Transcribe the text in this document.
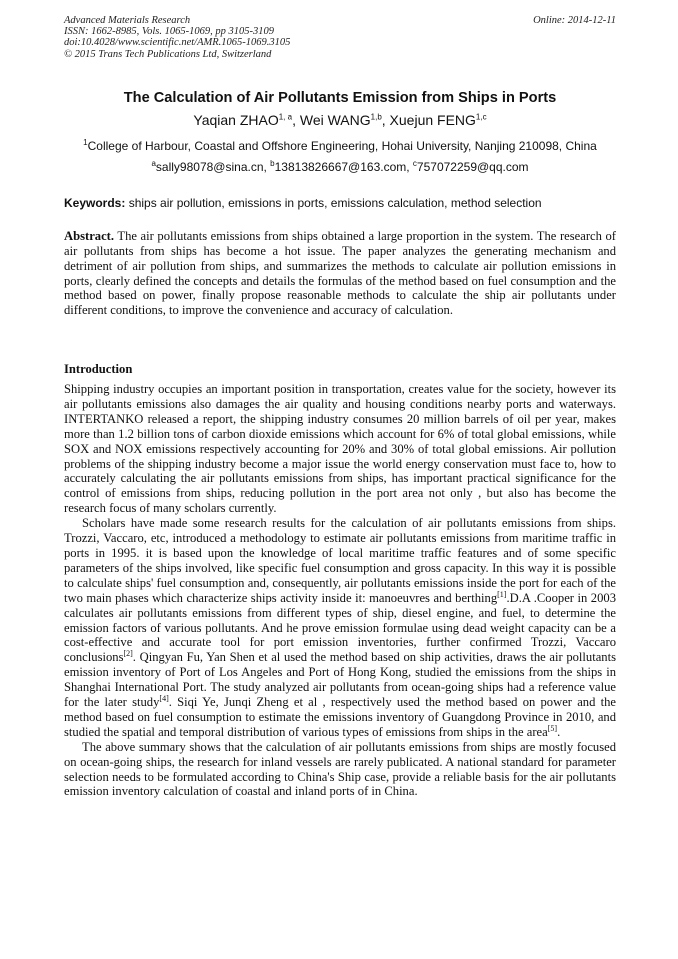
Advanced Materials Research
ISSN: 1662-8985, Vols. 1065-1069, pp 3105-3109
doi:10.4028/www.scientific.net/AMR.1065-1069.3105
© 2015 Trans Tech Publications Ltd, Switzerland
Online: 2014-12-11
The Calculation of Air Pollutants Emission from Ships in Ports
Yaqian ZHAO$^{1, a}$, Wei WANG$^{1,b}$, Xuejun FENG$^{1,c}$
$^1$College of Harbour, Coastal and Offshore Engineering, Hohai University, Nanjing 210098, China
$^a$sally98078@sina.cn, $^b$13813826667@163.com, $^c$757072259@qq.com
Keywords: ships air pollution, emissions in ports, emissions calculation, method selection
Abstract. The air pollutants emissions from ships obtained a large proportion in the system. The research of air pollutants from ships has become a hot issue. The paper analyzes the generating mechanism and detriment of air pollution from ships, and summarizes the methods to calculate air pollution emissions in ports, clearly defined the concepts and details the formulas of the method based on fuel consumption and the method based on power, finally propose reasonable methods to calculate the ship air pollutants under different conditions, to improve the convenience and accuracy of calculation.
Introduction

Shipping industry occupies an important position in transportation, creates value for the society, however its air pollutants emissions also damages the air quality and housing conditions nearby ports and waterways. INTERTANKO released a report, the shipping industry consumes 20 million barrels of oil per year, makes more than 1.2 billion tons of carbon dioxide emissions which account for 6% of total global emissions, while SOX and NOX emissions respectively accounting for 20% and 30% of total global emissions. Air pollution problems of the shipping industry become a major issue the world energy conservation must face to, how to accurately calculating the air pollutants emissions from ships, has important practical significance for the control of emissions from ships, reducing pollution in the port area not only , but also has become the research focus of many scholars currently.

Scholars have made some research results for the calculation of air pollutants emissions from ships. Trozzi, Vaccaro, etc, introduced a methodology to estimate air pollutants emissions from maritime traffic in ports in 1995. it is based upon the knowledge of local maritime traffic features and of some specific parameters of the ships involved, like specific fuel consumption and gross capacity. In this way it is possible to calculate ships' fuel consumption and, consequently, air pollutants emissions inside the port for each of the two main phases which characterize ships activity inside it: manoeuvres and berthing[1].D.A .Cooper in 2003 calculates air pollutants emissions from different types of ship, diesel engine, and fuel, to determine the emission factors of various pollutants. And he prove emission formulae using dead weight capacity can be a cost-effective and accurate tool for port emission inventories, further confirmed Trozzi, Vaccaro conclusions[2]. Qingyan Fu, Yan Shen et al used the method based on ship activities, draws the air pollutants emission inventory of Port of Los Angeles and Port of Hong Kong, studied the emissions from the ships in Shanghai International Port. The study analyzed air pollutants from ocean-going ships had a reference value for the later study[4]. Siqi Ye, Junqi Zheng et al , respectively used the method based on power and the method based on fuel consumption to estimate the emissions inventory of Guangdong Province in 2010, and studied the spatial and temporal distribution of various types of emissions from ships in the area[5].

The above summary shows that the calculation of air pollutants emissions from ships are mostly focused on ocean-going ships, the research for inland vessels are rarely publicated. A national standard for parameter selection needs to be formulated according to China's Ship case, provide a reliable basis for the air pollutants emission inventory calculation of coastal and inland ports of in China.
